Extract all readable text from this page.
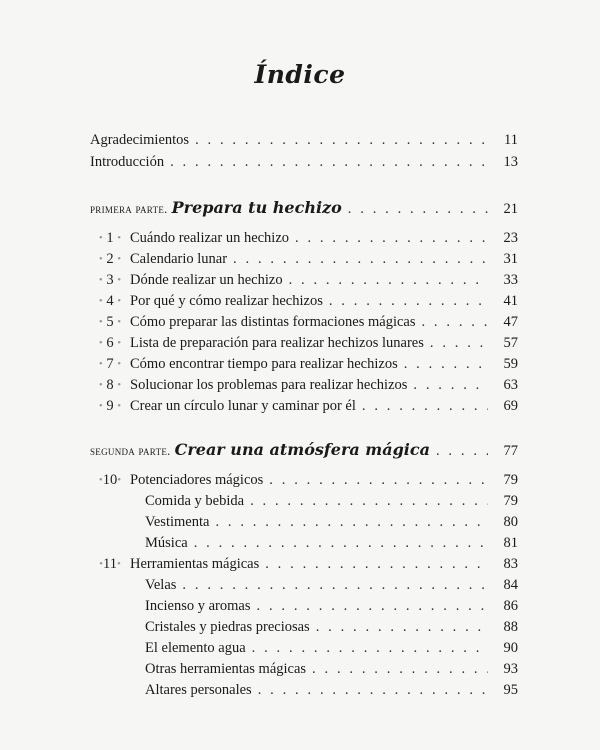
Índice
Agradecimientos . . .	11
Introducción . . .	13
primera parte. Prepara tu hechizo . . .	21
• 1 • Cuándo realizar un hechizo . . .	23
• 2 • Calendario lunar . . .	31
• 3 • Dónde realizar un hechizo . . .	33
• 4 • Por qué y cómo realizar hechizos . . .	41
• 5 • Cómo preparar las distintas formaciones mágicas . . .	47
• 6 • Lista de preparación para realizar hechizos lunares . . .	57
• 7 • Cómo encontrar tiempo para realizar hechizos . . .	59
• 8 • Solucionar los problemas para realizar hechizos . . .	63
• 9 • Crear un círculo lunar y caminar por él . . .	69
segunda parte. Crear una atmósfera mágica . . .	77
•10• Potenciadores mágicos . . .	79
Comida y bebida . . .	79
Vestimenta . . .	80
Música . . .	81
•11• Herramientas mágicas . . .	83
Velas . . .	84
Incienso y aromas . . .	86
Cristales y piedras preciosas . . .	88
El elemento agua . . .	90
Otras herramientas mágicas . . .	93
Altares personales . . .	95
